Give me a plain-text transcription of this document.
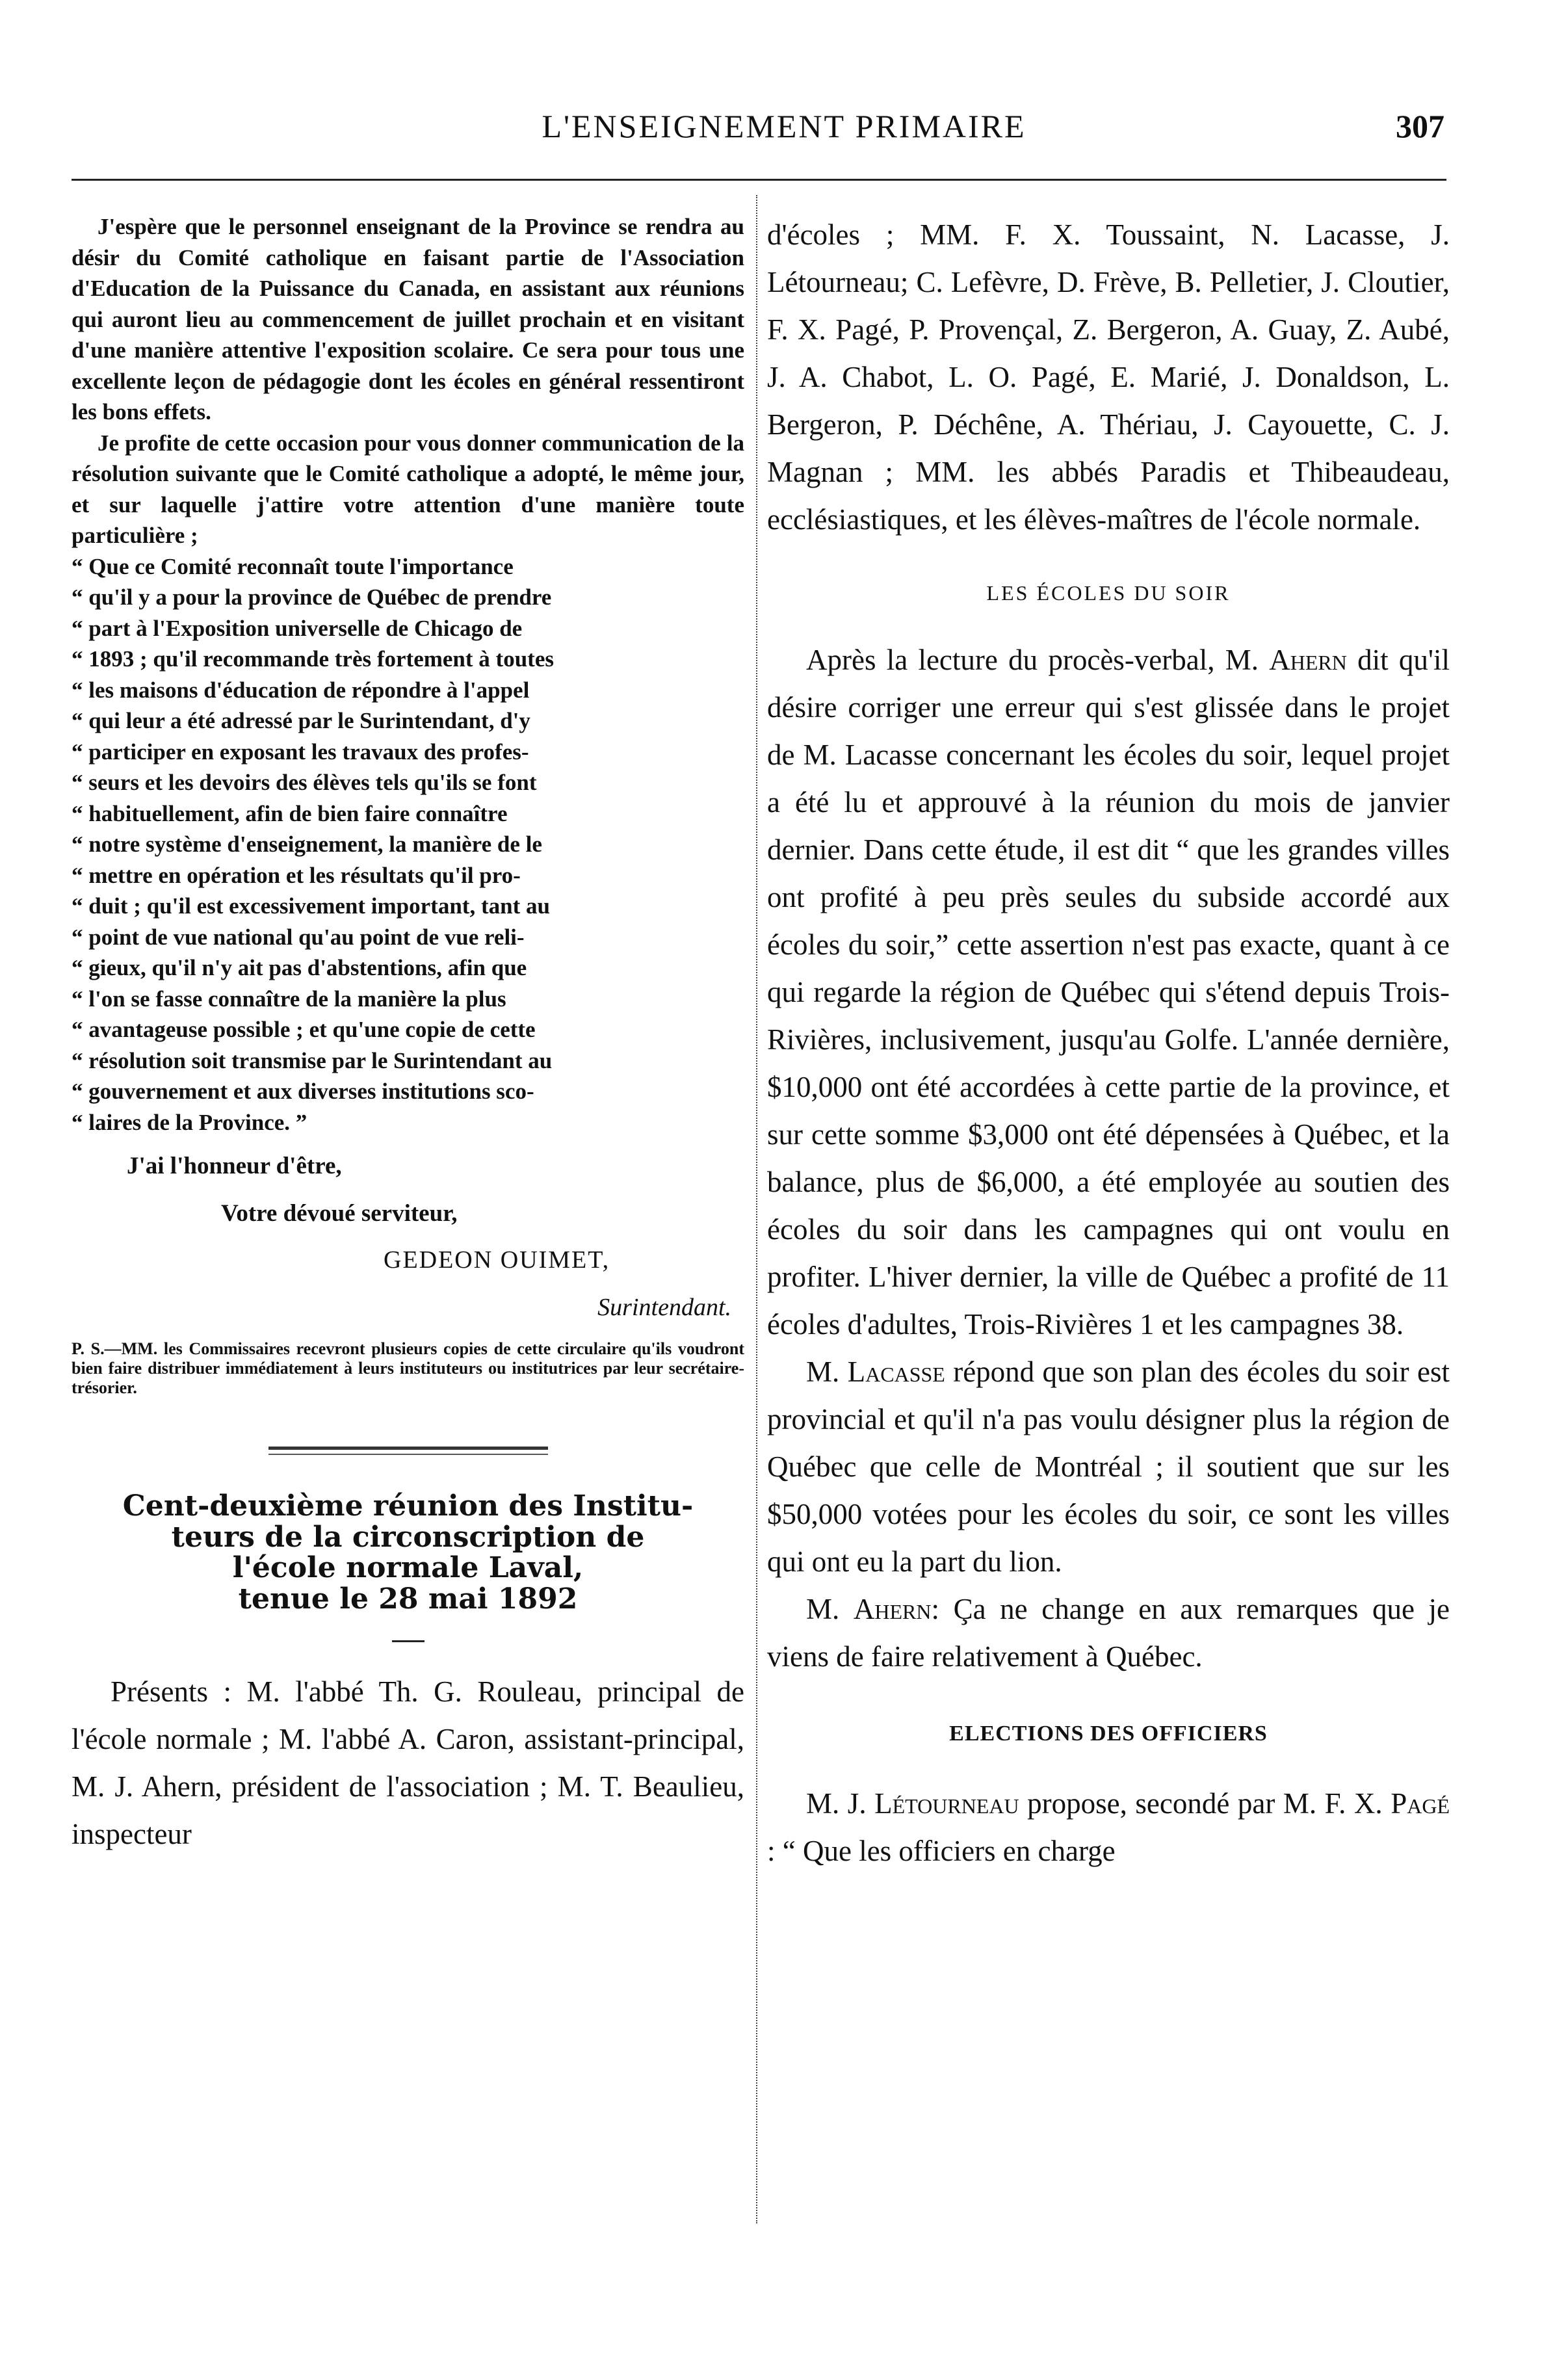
L'ENSEIGNEMENT PRIMAIRE	307

J'espère que le personnel enseignant de la Province se rendra au désir du Comité catholique en faisant partie de l'Association d'Education de la Puissance du Canada, en assistant aux réunions qui auront lieu au commencement de juillet prochain et en visitant d'une manière attentive l'exposition scolaire. Ce sera pour tous une excellente leçon de pédagogie dont les écoles en général ressentiront les bons effets.

Je profite de cette occasion pour vous donner communication de la résolution suivante que le Comité catholique a adopté, le même jour, et sur laquelle j'attire votre attention d'une manière toute particulière ;

“ Que ce Comité reconnaît toute l'importance
“ qu'il y a pour la province de Québec de prendre
“ part à l'Exposition universelle de Chicago de
“ 1893 ; qu'il recommande très fortement à toutes
“ les maisons d'éducation de répondre à l'appel
“ qui leur a été adressé par le Surintendant, d'y
“ participer en exposant les travaux des profes-
“ seurs et les devoirs des élèves tels qu'ils se font
“ habituellement, afin de bien faire connaître
“ notre système d'enseignement, la manière de le
“ mettre en opération et les résultats qu'il pro-
“ duit ; qu'il est excessivement important, tant au
“ point de vue national qu'au point de vue reli-
“ gieux, qu'il n'y ait pas d'abstentions, afin que
“ l'on se fasse connaître de la manière la plus
“ avantageuse possible ; et qu'une copie de cette
“ résolution soit transmise par le Surintendant au
“ gouvernement et aux diverses institutions sco-
“ laires de la Province. ”
J'ai l'honneur d'être,
Votre dévoué serviteur,
GEDEON OUIMET,
Surintendant.
P. S.—MM. les Commissaires recevront plusieurs copies de cette circulaire qu'ils voudront bien faire distribuer immédiatement à leurs instituteurs ou institutrices par leur secrétaire-trésorier.
Cent-deuxième réunion des Institu-
teurs de la circonscription de
l'école normale Laval,
tenue le 28 mai 1892

Présents : M. l'abbé Th. G. Rouleau, principal de l'école normale ; M. l'abbé A. Caron, assistant-principal, M. J. Ahern, président de l'association ; M. T. Beaulieu, inspecteur

d'écoles ; MM. F. X. Toussaint, N. Lacasse, J. Létourneau; C. Lefèvre, D. Frève, B. Pelletier, J. Cloutier, F. X. Pagé, P. Provençal, Z. Bergeron, A. Guay, Z. Aubé, J. A. Chabot, L. O. Pagé, E. Marié, J. Donaldson, L. Bergeron, P. Déchêne, A. Thériau, J. Cayouette, C. J. Magnan ; MM. les abbés Paradis et Thibeaudeau, ecclésiastiques, et les élèves-maîtres de l'école normale.

LES ÉCOLES DU SOIR

Après la lecture du procès-verbal, M. Ahern dit qu'il désire corriger une erreur qui s'est glissée dans le projet de M. Lacasse concernant les écoles du soir, lequel projet a été lu et approuvé à la réunion du mois de janvier dernier. Dans cette étude, il est dit “ que les grandes villes ont profité à peu près seules du subside accordé aux écoles du soir,” cette assertion n'est pas exacte, quant à ce qui regarde la région de Québec qui s'étend depuis Trois-Rivières, inclusivement, jusqu'au Golfe. L'année dernière, $10,000 ont été accordées à cette partie de la province, et sur cette somme $3,000 ont été dépensées à Québec, et la balance, plus de $6,000, a été employée au soutien des écoles du soir dans les campagnes qui ont voulu en profiter. L'hiver dernier, la ville de Québec a profité de 11 écoles d'adultes, Trois-Rivières 1 et les campagnes 38.

M. Lacasse répond que son plan des écoles du soir est provincial et qu'il n'a pas voulu désigner plus la région de Québec que celle de Montréal ; il soutient que sur les $50,000 votées pour les écoles du soir, ce sont les villes qui ont eu la part du lion.

M. Ahern: Ça ne change en aux remarques que je viens de faire relativement à Québec.

ELECTIONS DES OFFICIERS

M. J. Létourneau propose, secondé par M. F. X. Pagé : “ Que les officiers en charge
